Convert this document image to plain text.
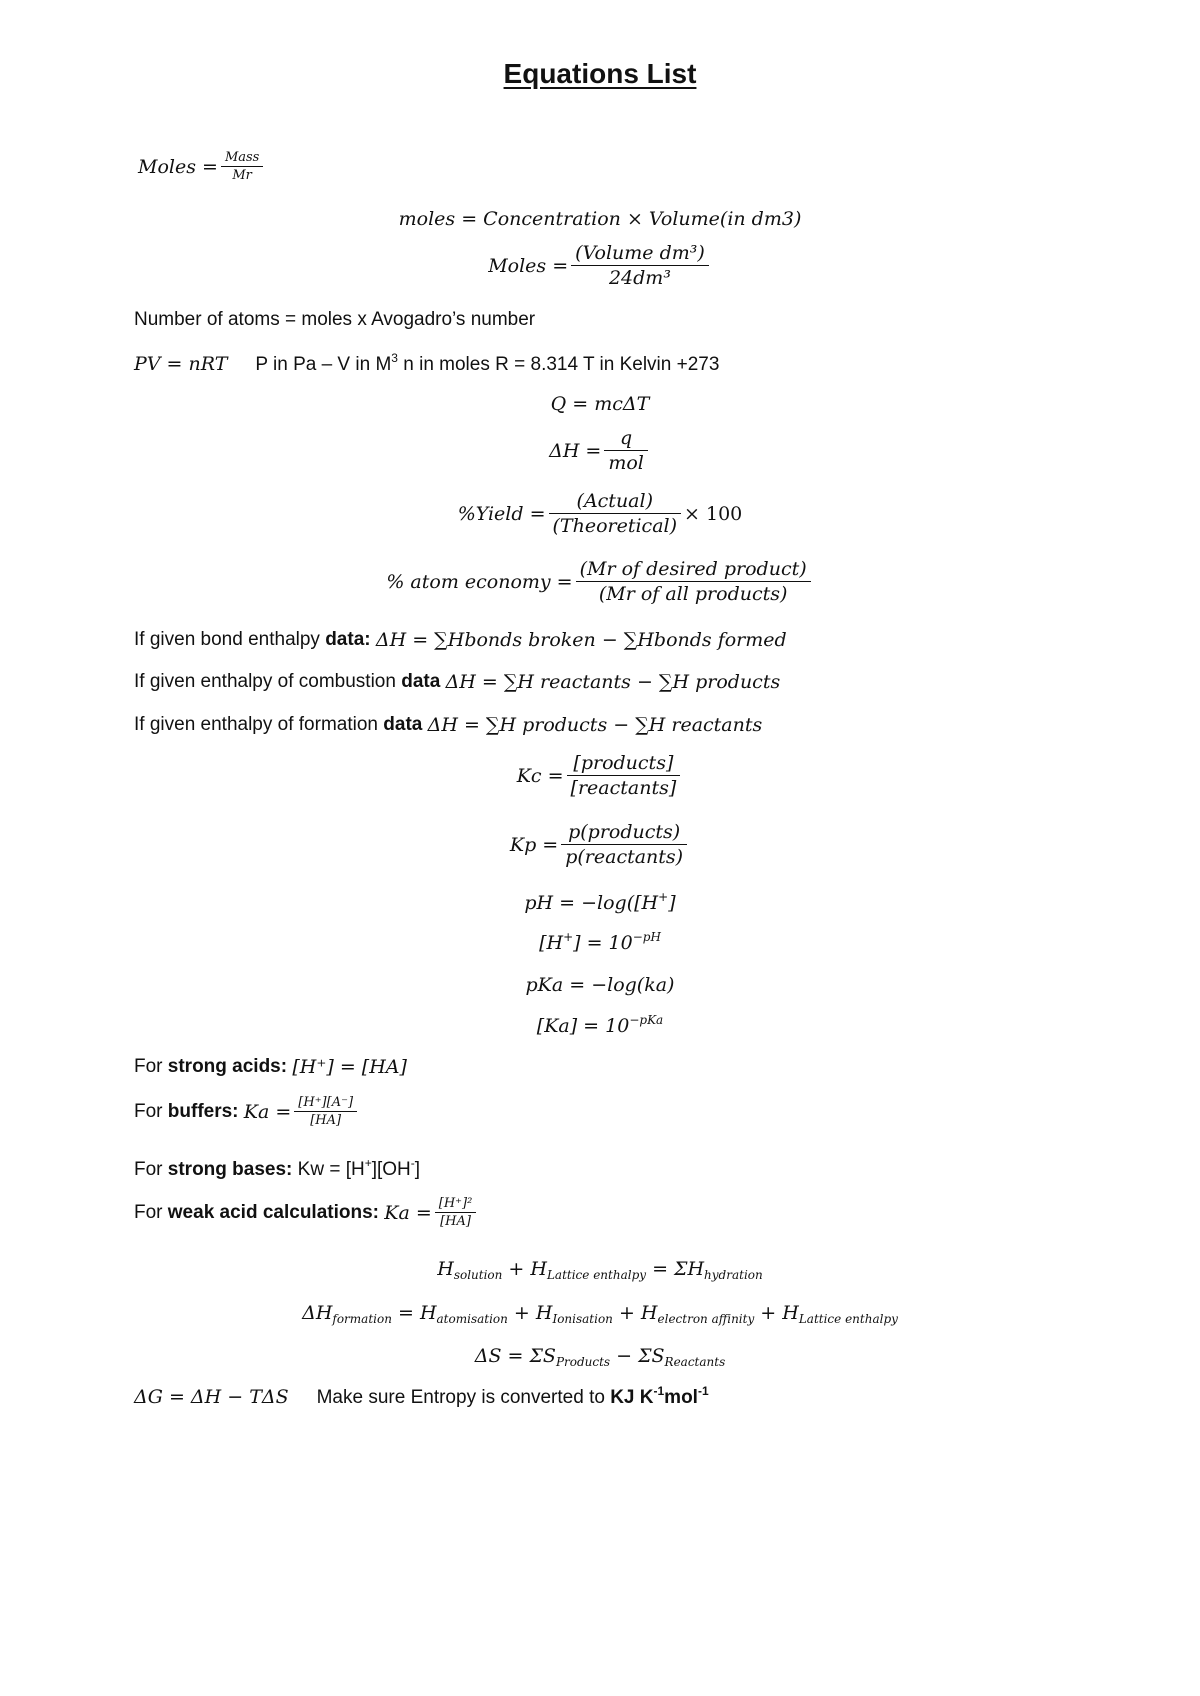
Equations List
Moles = $\frac{\text{Mass}}{Mr}$
moles = Concentration × Volume(in dm3)
Moles = $\frac{\text{(Volume dm³)}}{\text{24dm³}}$
Number of atoms = moles x Avogadro’s number
PV = nRT P in Pa – V in $M^3$ n in moles R = 8.314 T in Kelvin +273
Q = mcΔT
$\Delta H = \frac{q}{\text{mol}}$
%Yield = $\frac{\text{(Actual)}}{\text{(Theoretical)}} \times 100$
% atom economy = $\frac{\text{(Mr of desired product)}}{\text{(Mr of all products)}}$
If given bond enthalpy data: ΔH = ∑Hbonds broken − ∑Hbonds formed
If given enthalpy of combustion data ΔH = ∑H reactants − ∑H products
If given enthalpy of formation data ΔH = ∑H products − ∑H reactants
$Kc = \frac{\text{[products]}}{\text{[reactants]}}$
$Kp = \frac{\text{p(products)}}{\text{p(reactants)}}$
pH = −log([H+]
$[H^+] = 10^{-pH}$
pKa = −log(ka)
$[Ka] = 10^{-pKa}$
For strong acids: [H⁺] = [HA]
For buffers: $Ka = \frac{[H^+][A^-]}{[HA]}$
For strong bases: Kw = [H+][OH-]
For weak acid calculations: $Ka = \frac{\text{[H⁺]²}}{[HA]}$
$H_{solution} + H_{Lattice enthalpy} = \Sigma H_{hydration}$
$\Delta H_{formation} = H_{atomisation} + H_{Ionisation} + H_{electron affinity} + H_{Lattice enthalpy}$
$\Delta S = \Sigma S_{Products} - \Sigma S_{Reactants}$
ΔG = ΔH − TΔS Make sure Entropy is converted to KJ $K^{-1}mol^{-1}$
